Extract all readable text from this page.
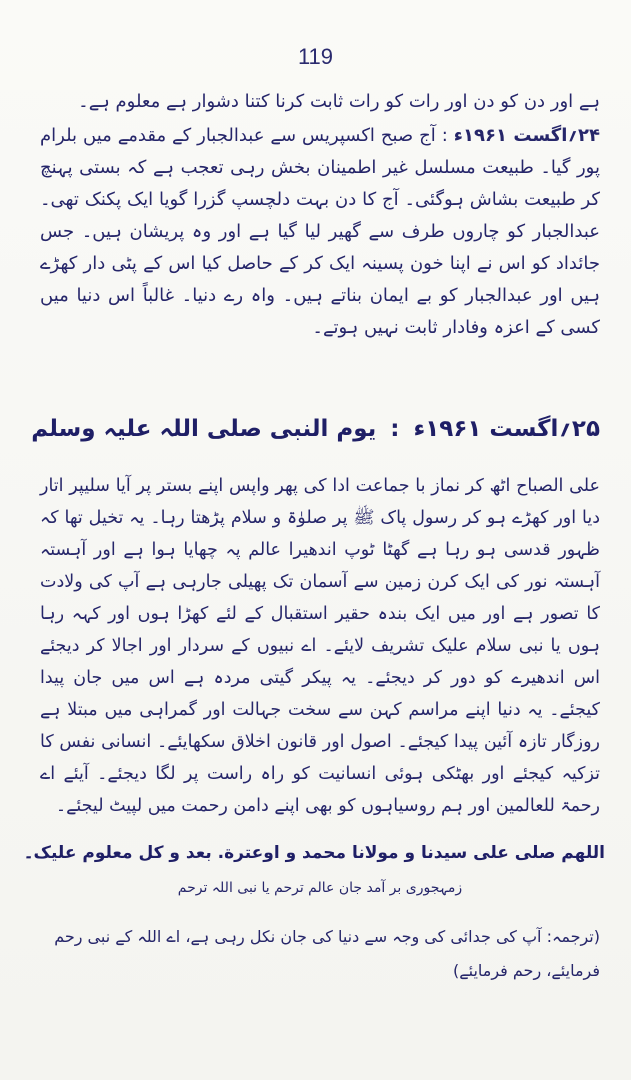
119

ہے اور دن کو دن اور رات کو رات ثابت کرنا کتنا دشوار ہے معلوم ہے۔

۲۴؍اگست ۱۹۶۱ء : آج صبح اکسپریس سے عبدالجبار کے مقدمے میں بلرام پور گیا۔ طبیعت مسلسل غیر اطمینان بخش رہی تعجب ہے کہ بستی پہنچ کر طبیعت بشاش ہوگئی۔ آج کا دن بہت دلچسپ گزرا گویا ایک پکنک تھی۔ عبدالجبار کو چاروں طرف سے گھیر لیا گیا ہے اور وہ پریشان ہیں۔ جس جائداد کو اس نے اپنا خون پسینہ ایک کر کے حاصل کیا اس کے پٹی دار کھڑے ہیں اور عبدالجبار کو بے ایمان بناتے ہیں۔ واہ رے دنیا۔ غالباً اس دنیا میں کسی کے اعزہ وفادار ثابت نہیں ہوتے۔

۲۵؍اگست ۱۹۶۱ء:یوم النبی صلی اللہ علیہ وسلم
علی الصباح اٹھ کر نماز با جماعت ادا کی پھر واپس اپنے بستر پر آیا سلیپر اتار دیا اور کھڑے ہو کر رسول پاک ﷺ پر صلوٰۃ و سلام پڑھتا رہا۔ یہ تخیل تھا کہ ظہور قدسی ہو رہا ہے گھٹا ٹوپ اندھیرا عالم پہ چھایا ہوا ہے اور آہستہ آہستہ نور کی ایک کرن زمین سے آسمان تک پھیلی جارہی ہے آپ کی ولادت کا تصور ہے اور میں ایک بندہ حقیر استقبال کے لئے کھڑا ہوں اور کہہ رہا ہوں یا نبی سلام علیک تشریف لایئے۔ اے نبیوں کے سردار اور اجالا کر دیجئے اس اندھیرے کو دور کر دیجئے۔ یہ پیکر گیتی مردہ ہے اس میں جان پیدا کیجئے۔ یہ دنیا اپنے مراسم کہن سے سخت جہالت اور گمراہی میں مبتلا ہے روزگار تازہ آئین پیدا کیجئے۔ اصول اور قانون اخلاق سکھایئے۔ انسانی نفس کا تزکیہ کیجئے اور بھٹکی ہوئی انسانیت کو راہ راست پر لگا دیجئے۔ آیئے اے رحمۃ للعالمین اور ہم روسیاہوں کو بھی اپنے دامن رحمت میں لپیٹ لیجئے۔
اللهم صلی علی سیدنا و مولانا محمد و اوعترة. بعد و کل معلوم علیک۔
زمہجوری بر آمد جان عالم ترحم یا نبی اللہ ترحم

(ترجمہ: آپ کی جدائی کی وجہ سے دنیا کی جان نکل رہی ہے، اے اللہ کے نبی رحم

فرمایئے، رحم فرمایئے)
